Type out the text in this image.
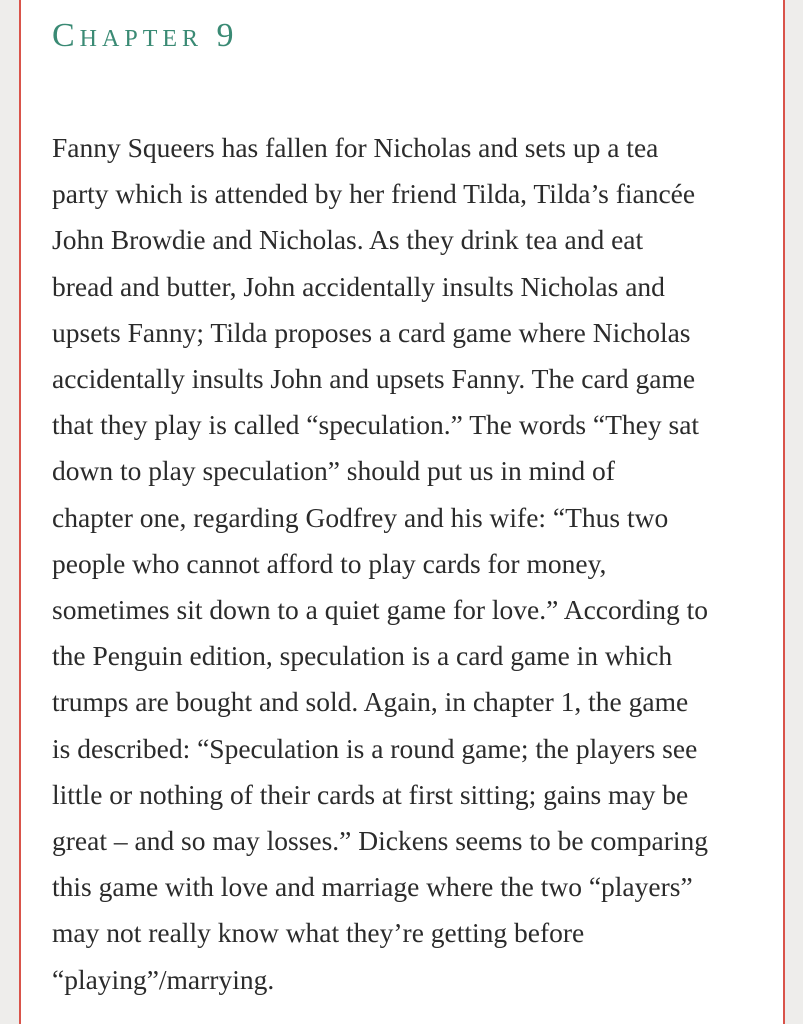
Chapter 9

Fanny Squeers has fallen for Nicholas and sets up a tea
party which is attended by her friend Tilda, Tilda’s fiancée
John Browdie and Nicholas. As they drink tea and eat
bread and butter, John accidentally insults Nicholas and
upsets Fanny; Tilda proposes a card game where Nicholas
accidentally insults John and upsets Fanny. The card game
that they play is called “speculation.” The words “They sat
down to play speculation” should put us in mind of
chapter one, regarding Godfrey and his wife: “Thus two
people who cannot afford to play cards for money,
sometimes sit down to a quiet game for love.” According to
the Penguin edition, speculation is a card game in which
trumps are bought and sold. Again, in chapter 1, the game
is described: “Speculation is a round game; the players see
little or nothing of their cards at first sitting; gains may be
great – and so may losses.” Dickens seems to be comparing
this game with love and marriage where the two “players”
may not really know what they’re getting before
“playing”/marrying.
